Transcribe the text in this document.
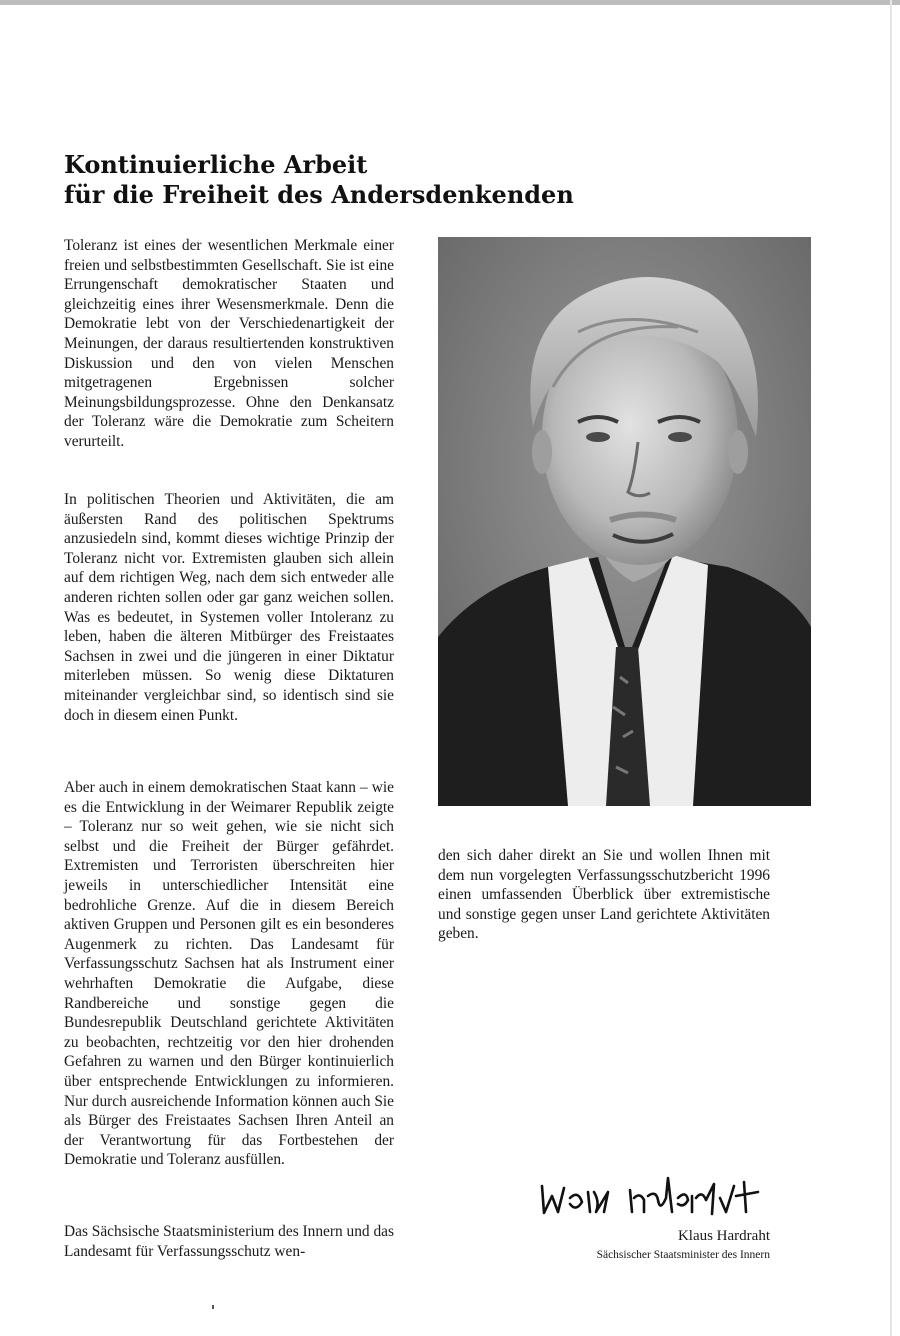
Kontinuierliche Arbeit
für die Freiheit des Andersdenkenden

Toleranz ist eines der wesentlichen Merkmale einer freien und selbstbestimmten Gesellschaft. Sie ist eine Errungenschaft demokratischer Staaten und gleichzeitig eines ihrer Wesensmerkmale. Denn die Demokratie lebt von der Verschiedenartigkeit der Meinungen, der daraus resultiertenden konstruktiven Diskussion und den von vielen Menschen mitgetragenen Ergebnissen solcher Meinungsbildungsprozesse. Ohne den Denkansatz der Toleranz wäre die Demokratie zum Scheitern verurteilt.

In politischen Theorien und Aktivitäten, die am äußersten Rand des politischen Spektrums anzusiedeln sind, kommt dieses wichtige Prinzip der Toleranz nicht vor. Extremisten glauben sich allein auf dem richtigen Weg, nach dem sich entweder alle anderen richten sollen oder gar ganz weichen sollen. Was es bedeutet, in Systemen voller Intoleranz zu leben, haben die älteren Mitbürger des Freistaates Sachsen in zwei und die jüngeren in einer Diktatur miterleben müssen. So wenig diese Diktaturen miteinander vergleichbar sind, so identisch sind sie doch in diesem einen Punkt.

Aber auch in einem demokratischen Staat kann – wie es die Entwicklung in der Weimarer Republik zeigte – Toleranz nur so weit gehen, wie sie nicht sich selbst und die Freiheit der Bürger gefährdet. Extremisten und Terroristen überschreiten hier jeweils in unterschiedlicher Intensität eine bedrohliche Grenze. Auf die in diesem Bereich aktiven Gruppen und Personen gilt es ein besonderes Augenmerk zu richten. Das Landesamt für Verfassungsschutz Sachsen hat als Instrument einer wehrhaften Demokratie die Aufgabe, diese Randbereiche und sonstige gegen die Bundesrepublik Deutschland gerichtete Aktivitäten zu beobachten, rechtzeitig vor den hier drohenden Gefahren zu warnen und den Bürger kontinuierlich über entsprechende Entwicklungen zu informieren. Nur durch ausreichende Information können auch Sie als Bürger des Freistaates Sachsen Ihren Anteil an der Verantwortung für das Fortbestehen der Demokratie und Toleranz ausfüllen.

Das Sächsische Staatsministerium des Innern und das Landesamt für Verfassungsschutz wen-

den sich daher direkt an Sie und wollen Ihnen mit dem nun vorgelegten Verfassungsschutzbericht 1996 einen umfassenden Überblick über extremistische und sonstige gegen unser Land gerichtete Aktivitäten geben.

Klaus Hardraht

Sächsischer Staatsminister des Innern
